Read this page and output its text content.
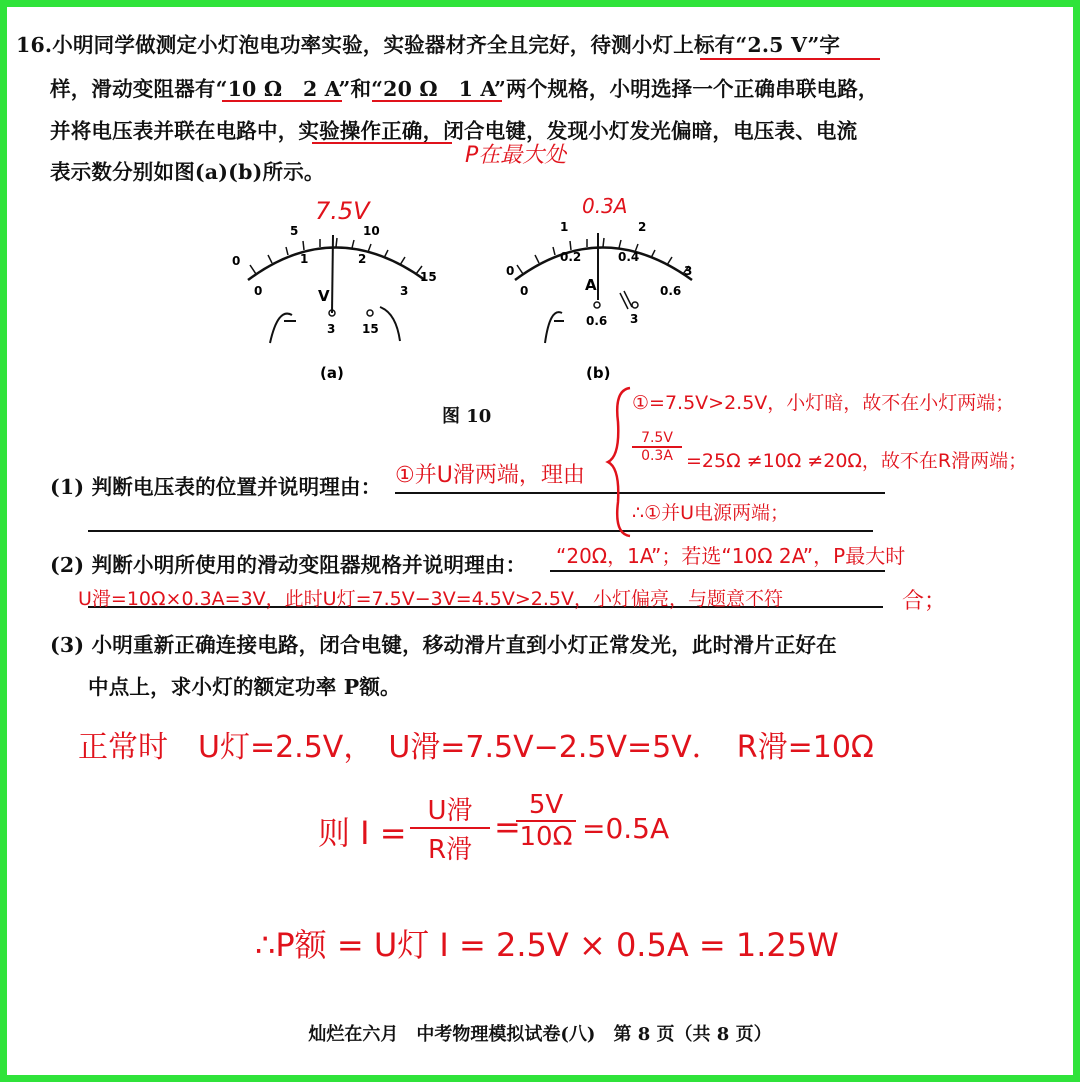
16.小明同学做测定小灯泡电功率实验，实验器材齐全且完好，待测小灯上标有“2.5 V”字
样，滑动变阻器有“10 Ω　2 A”和“20 Ω　1 A”两个规格，小明选择一个正确串联电路，
并将电压表并联在电路中，实验操作正确，闭合电键，发现小灯发光偏暗，电压表、电流
表示数分别如图(a)(b)所示。
P在最大处
0
5	10
15
0
1	2
3
V
3 15
(a)
0
1	2
3
0
0.2	0.4
0.6
A
0.6 3
(b)
7.5V	0.3A
图 10
(1) 判断电压表的位置并说明理由： ①并U滑两端，理由
①=7.5V>2.5V，小灯暗，故不在小灯两端；
$\frac{7.5V}{0.3A} =25\Omega \ne 10\Omega \ne 20\Omega$，故不在R滑两端；
∴①并U电源两端；
(2) 判断小明所使用的滑动变阻器规格并说明理由： “20Ω，1A”；若选“10Ω 2A”，P最大时
U滑=10Ω×0.3A=3V，此时U灯=7.5V−3V=4.5V>2.5V，小灯偏亮，与题意不符	合；
(3) 小明重新正确连接电路，闭合电键，移动滑片直到小灯正常发光，此时滑片正好在
中点上，求小灯的额定功率 P额。
正常时　U灯=2.5V，　U滑=7.5V−2.5V=5V．　R滑=10Ω
则 I =
U滑
R滑
=
$\frac{5V}{10\Omega} =0.5A$
∴P额 = U灯 I = 2.5V × 0.5A = 1.25W
灿烂在六月　中考物理模拟试卷(八)　第 8 页（共 8 页）
